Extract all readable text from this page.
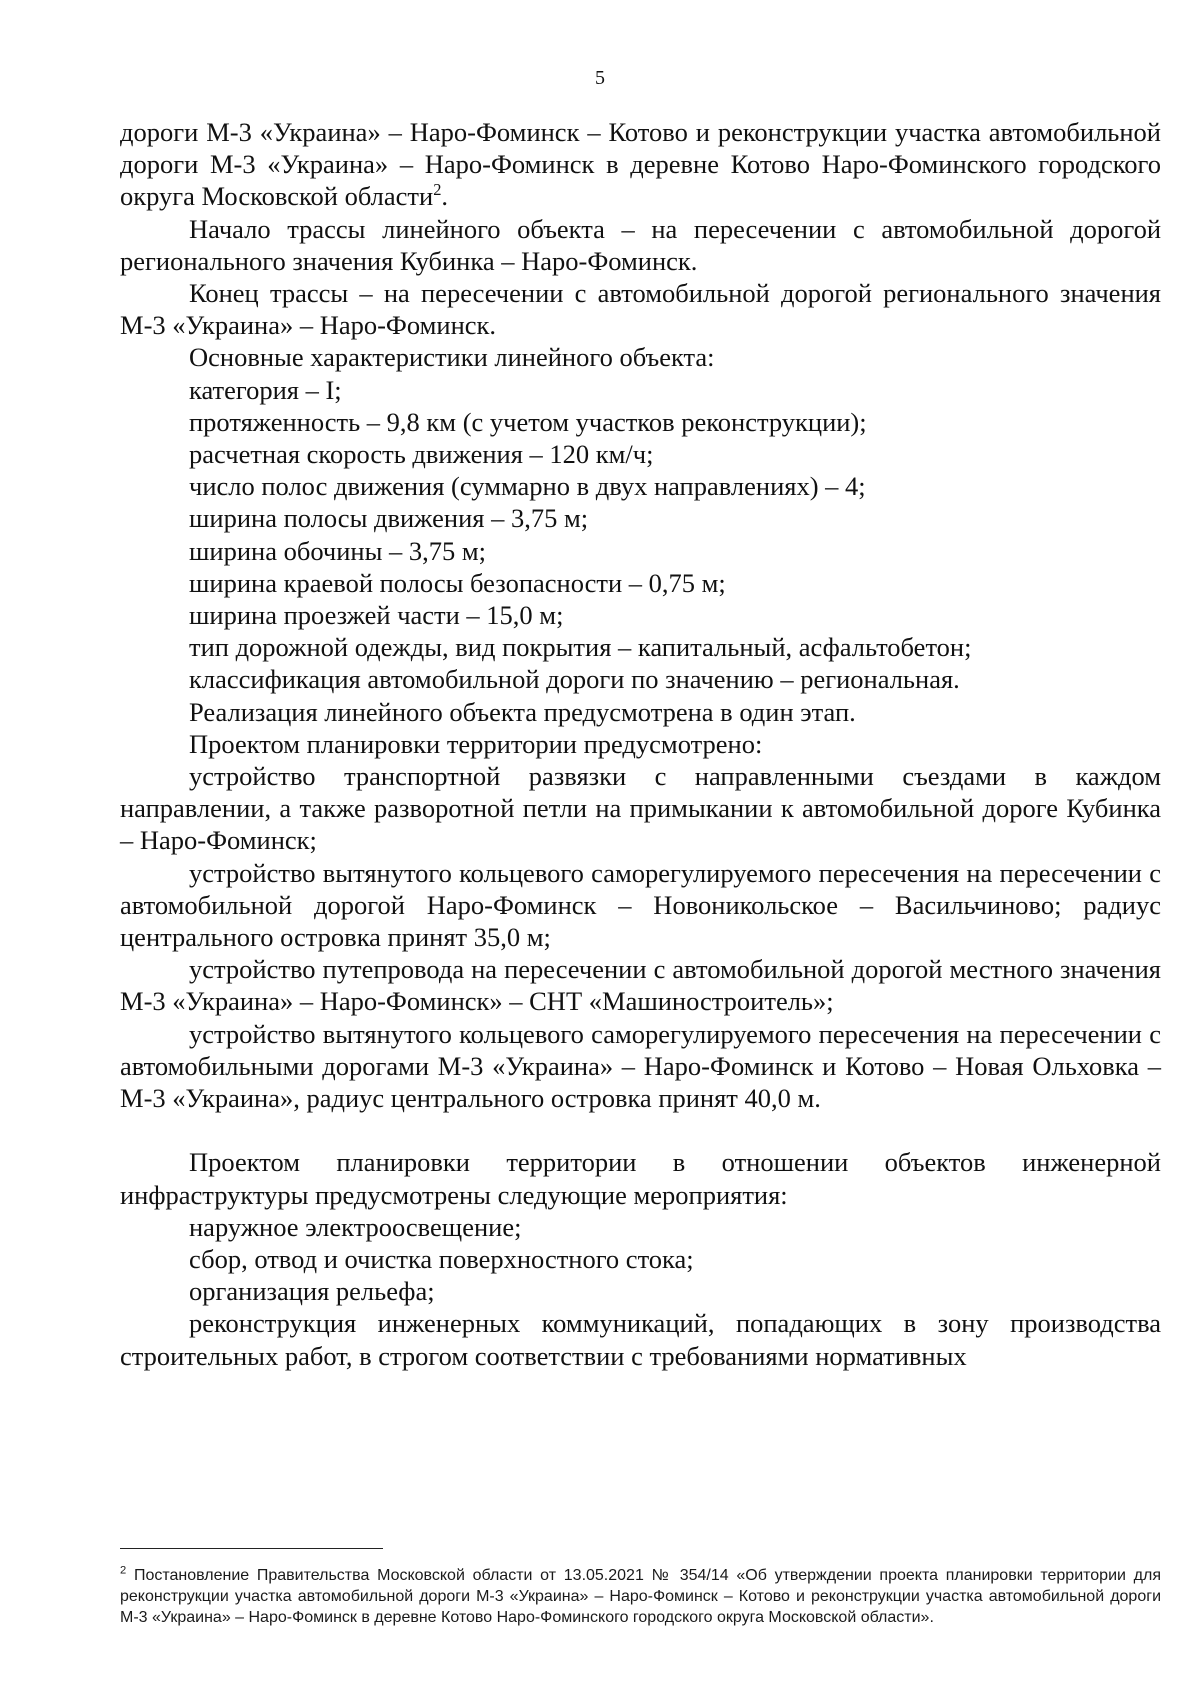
5

дороги М-3 «Украина» – Наро-Фоминск – Котово и реконструкции участка автомобильной дороги М-3 «Украина» – Наро-Фоминск в деревне Котово Наро-Фоминского городского округа Московской области$^2$.

Начало трассы линейного объекта – на пересечении с автомобильной дорогой регионального значения Кубинка – Наро-Фоминск.

Конец трассы – на пересечении с автомобильной дорогой регионального значения М-3 «Украина» – Наро-Фоминск.

Основные характеристики линейного объекта:

категория – I;

протяженность – 9,8 км (с учетом участков реконструкции);

расчетная скорость движения – 120 км/ч;

число полос движения (суммарно в двух направлениях) – 4;

ширина полосы движения – 3,75 м;

ширина обочины – 3,75 м;

ширина краевой полосы безопасности – 0,75 м;

ширина проезжей части – 15,0 м;

тип дорожной одежды, вид покрытия – капитальный, асфальтобетон;

классификация автомобильной дороги по значению – региональная.

Реализация линейного объекта предусмотрена в один этап.

Проектом планировки территории предусмотрено:

устройство транспортной развязки с направленными съездами в каждом направлении, а также разворотной петли на примыкании к автомобильной дороге Кубинка – Наро-Фоминск;

устройство вытянутого кольцевого саморегулируемого пересечения на пересечении с автомобильной дорогой Наро-Фоминск – Новоникольское – Васильчиново; радиус центрального островка принят 35,0 м;

устройство путепровода на пересечении с автомобильной дорогой местного значения М-3 «Украина» – Наро-Фоминск» – СНТ «Машиностроитель»;

устройство вытянутого кольцевого саморегулируемого пересечения на пересечении с автомобильными дорогами М-3 «Украина» – Наро-Фоминск и Котово – Новая Ольховка – М-3 «Украина», радиус центрального островка принят 40,0 м.

Проектом планировки территории в отношении объектов инженерной инфраструктуры предусмотрены следующие мероприятия:

наружное электроосвещение;

сбор, отвод и очистка поверхностного стока;

организация рельефа;

реконструкция инженерных коммуникаций, попадающих в зону производства строительных работ, в строгом соответствии с требованиями нормативных

$^2$ Постановление Правительства Московской области от 13.05.2021 № 354/14 «Об утверждении проекта планировки территории для реконструкции участка автомобильной дороги М-3 «Украина» – Наро-Фоминск – Котово и реконструкции участка автомобильной дороги М-3 «Украина» – Наро-Фоминск в деревне Котово Наро-Фоминского городского округа Московской области».
